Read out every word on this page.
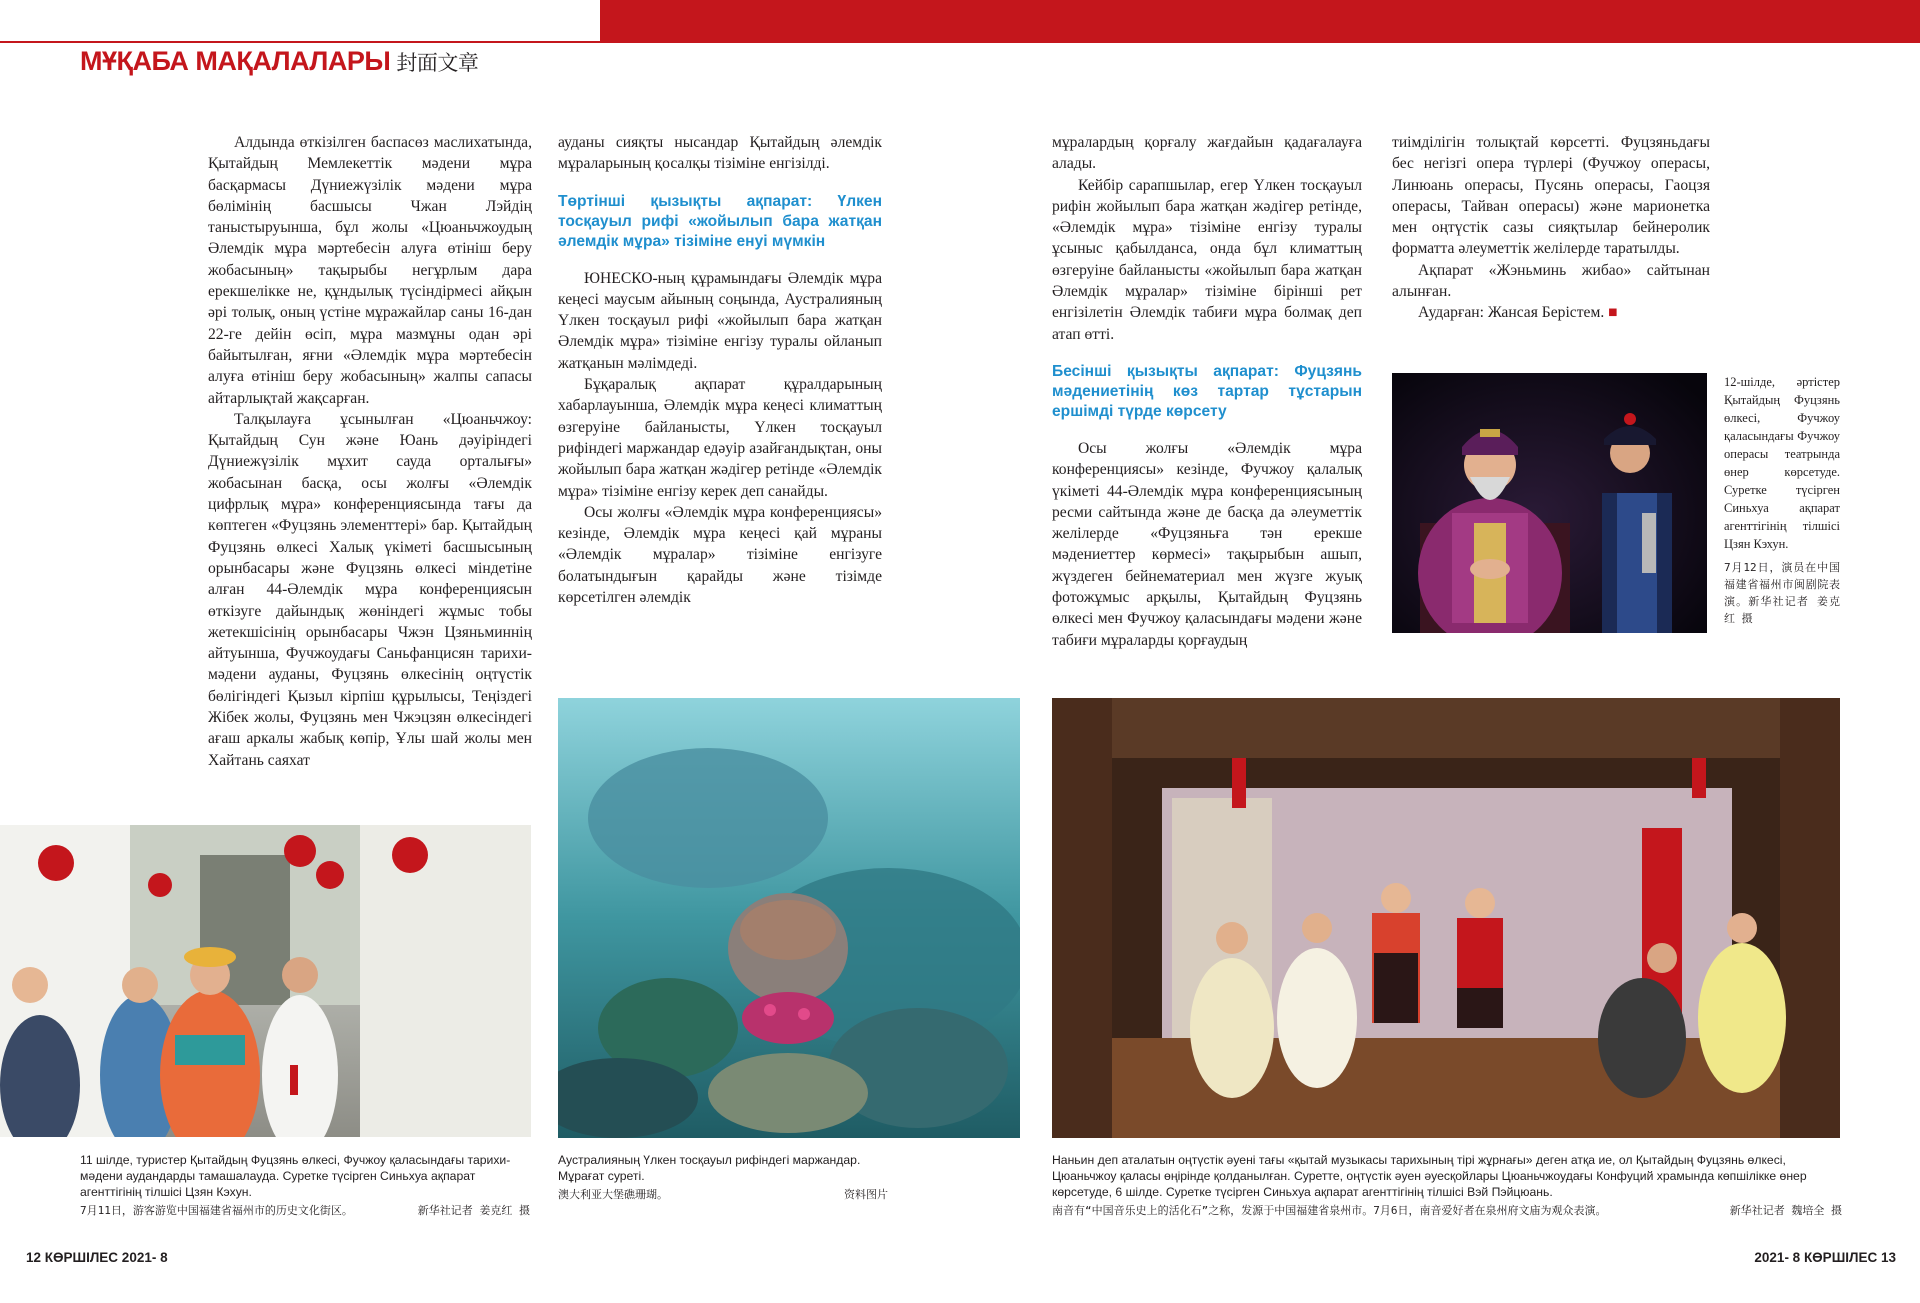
МҰҚАБА МАҚАЛАЛАРЫ 封面文章

Алдында өткізілген баспасөз маслихатында, Қытайдың Мемлекеттік мәдени мұра басқармасы Дүниежүзілік мәдени мұра бөлімінің басшысы Чжан Лэйдің таныстыруынша, бұл жолы «Цюаньчжоудың Әлемдік мұра мәртебесін алуға өтініш беру жобасының» тақырыбы негұрлым дара ерекшелікке не, құндылық түсіндірмесі айқын әрі толық, оның үстіне мұражайлар саны 16-дан 22-ге дейін өсіп, мұра мазмұны одан әрі байытылған, яғни «Әлемдік мұра мәртебесін алуға өтініш беру жобасының» жалпы сапасы айтарлықтай жақсарған.

Талқылауға ұсынылған «Цюаньчжоу: Қытайдың Сун және Юань дәуіріндегі Дүниежүзілік мұхит сауда орталығы» жобасынан басқа, осы жолғы «Әлемдік цифрлық мұра» конференциясында тағы да көптеген «Фуцзянь элементтері» бар. Қытайдың Фуцзянь өлкесі Халық үкіметі басшысының орынбасары және Фуцзянь өлкесі міндетіне алған 44-Әлемдік мұра конференциясын өткізуге дайындық жөніндегі жұмыс тобы жетекшісінің орынбасары Чжэн Цзяньминнің айтуынша, Фучжоудағы Саньфанцисян тарихи-мәдени ауданы, Фуцзянь өлкесінің оңтүстік бөлігіндегі Қызыл кірпіш құрылысы, Теңіздегі Жібек жолы, Фуцзянь мен Чжэцзян өлкесіндегі ағаш аркалы жабық көпір, Ұлы шай жолы мен Хайтань саяхат

ауданы сияқты нысандар Қытайдың әлемдік мұраларының қосалқы тізіміне енгізілді.

Төртінші қызықты ақпарат: Үлкен тосқауыл рифі «жойылып бара жатқан әлемдік мұра» тізіміне енуі мүмкін

ЮНЕСКО-ның құрамындағы Әлемдік мұра кеңесі маусым айының соңында, Аустралияның Үлкен тосқауыл рифі «жойылып бара жатқан Әлемдік мұра» тізіміне енгізу туралы ойланып жатқанын мәлімдеді.

Бұқаралық ақпарат құралдарының хабарлауынша, Әлемдік мұра кеңесі климаттың өзгеруіне байланысты, Үлкен тосқауыл рифіндегі маржандар едәуір азайғандықтан, оны жойылып бара жатқан жәдігер ретінде «Әлемдік мұра» тізіміне енгізу керек деп санайды.

Осы жолғы «Әлемдік мұра конференциясы» кезінде, Әлемдік мұра кеңесі қай мұраны «Әлемдік мұралар» тізіміне енгізуге болатындығын қарайды және тізімде көрсетілген әлемдік

мұралардың қорғалу жағдайын қадағалауға алады.

Кейбір сарапшылар, егер Үлкен тосқауыл рифін жойылып бара жатқан жәдігер ретінде, «Әлемдік мұра» тізіміне енгізу туралы ұсыныс қабылданса, онда бұл климаттың өзгеруіне байланысты «жойылып бара жатқан Әлемдік мұралар» тізіміне бірінші рет енгізілетін Әлемдік табиғи мұра болмақ деп атап өтті.

Бесінші қызықты ақпарат: Фуцзянь мәдениетінің көз тартар тұстарын ершімді түрде көрсету

Осы жолғы «Әлемдік мұра конференциясы» кезінде, Фучжоу қалалық үкіметі 44-Әлемдік мұра конференциясының ресми сайтында және де басқа да әлеуметтік желілерде «Фуцзяньға тән ерекше мәдениеттер көрмесі» тақырыбын ашып, жүздеген бейнематериал мен жүзге жуық фотожұмыс арқылы, Қытайдың Фуцзянь өлкесі мен Фучжоу қаласындағы мәдени және табиғи мұраларды қорғаудың

тиімділігін толықтай көрсетті. Фуцзяньдағы бес негізгі опера түрлері (Фучжоу операсы, Линюань операсы, Пусянь операсы, Гаоцзя операсы, Тайван операсы) және марионетка мен оңтүстік сазы сияқтылар бейнеролик форматта әлеуметтік желілерде таратылды.

Ақпарат «Жэньминь жибао» сайтынан алынған.

Аударған: Жансая Берістем. ■

12-шілде, әртістер Қытайдың Фуцзянь өлкесі, Фучжоу қаласындағы Фучжоу операсы театрында өнер көрсетуде. Суретке түсірген Синьхуа ақпарат агенттігінің тілшісі Цзян Кэхун.
7月12日，演员在中国福建省福州市闽剧院表演。新华社记者 姜克红 摄
11 шілде, туристер Қытайдың Фуцзянь өлкесі, Фучжоу қаласындағы тарихи-мәдени аудандарды тамашалауда. Суретке түсірген Синьхуа ақпарат агенттігінің тілшісі Цзян Кэхун.
7月11日，游客游览中国福建省福州市的历史文化街区。	新华社记者 姜克红 摄
Аустралияның Үлкен тосқауыл рифіндегі маржандар. Мұрағат суреті.
澳大利亚大堡礁珊瑚。	资料图片
Наньин деп аталатын оңтүстік әуені тағы «қытай музыкасы тарихының тірі жұрнағы» деген атқа ие, ол Қытайдың Фуцзянь өлкесі, Цюаньчжоу қаласы өңірінде қолданылған. Суретте, оңтүстік әуен әуесқойлары Цюаньчжоудағы Конфуций храмында көпшілікке өнер көрсетуде, 6 шілде. Суретке түсірген Синьхуа ақпарат агенттігінің тілшісі Вэй Пэйцюань.
南音有“中国音乐史上的活化石”之称，发源于中国福建省泉州市。7月6日，南音爱好者在泉州府文庙为观众表演。	新华社记者 魏培全 摄
12 КӨРШІЛЕС 2021- 8	2021- 8 КӨРШІЛЕС 13
